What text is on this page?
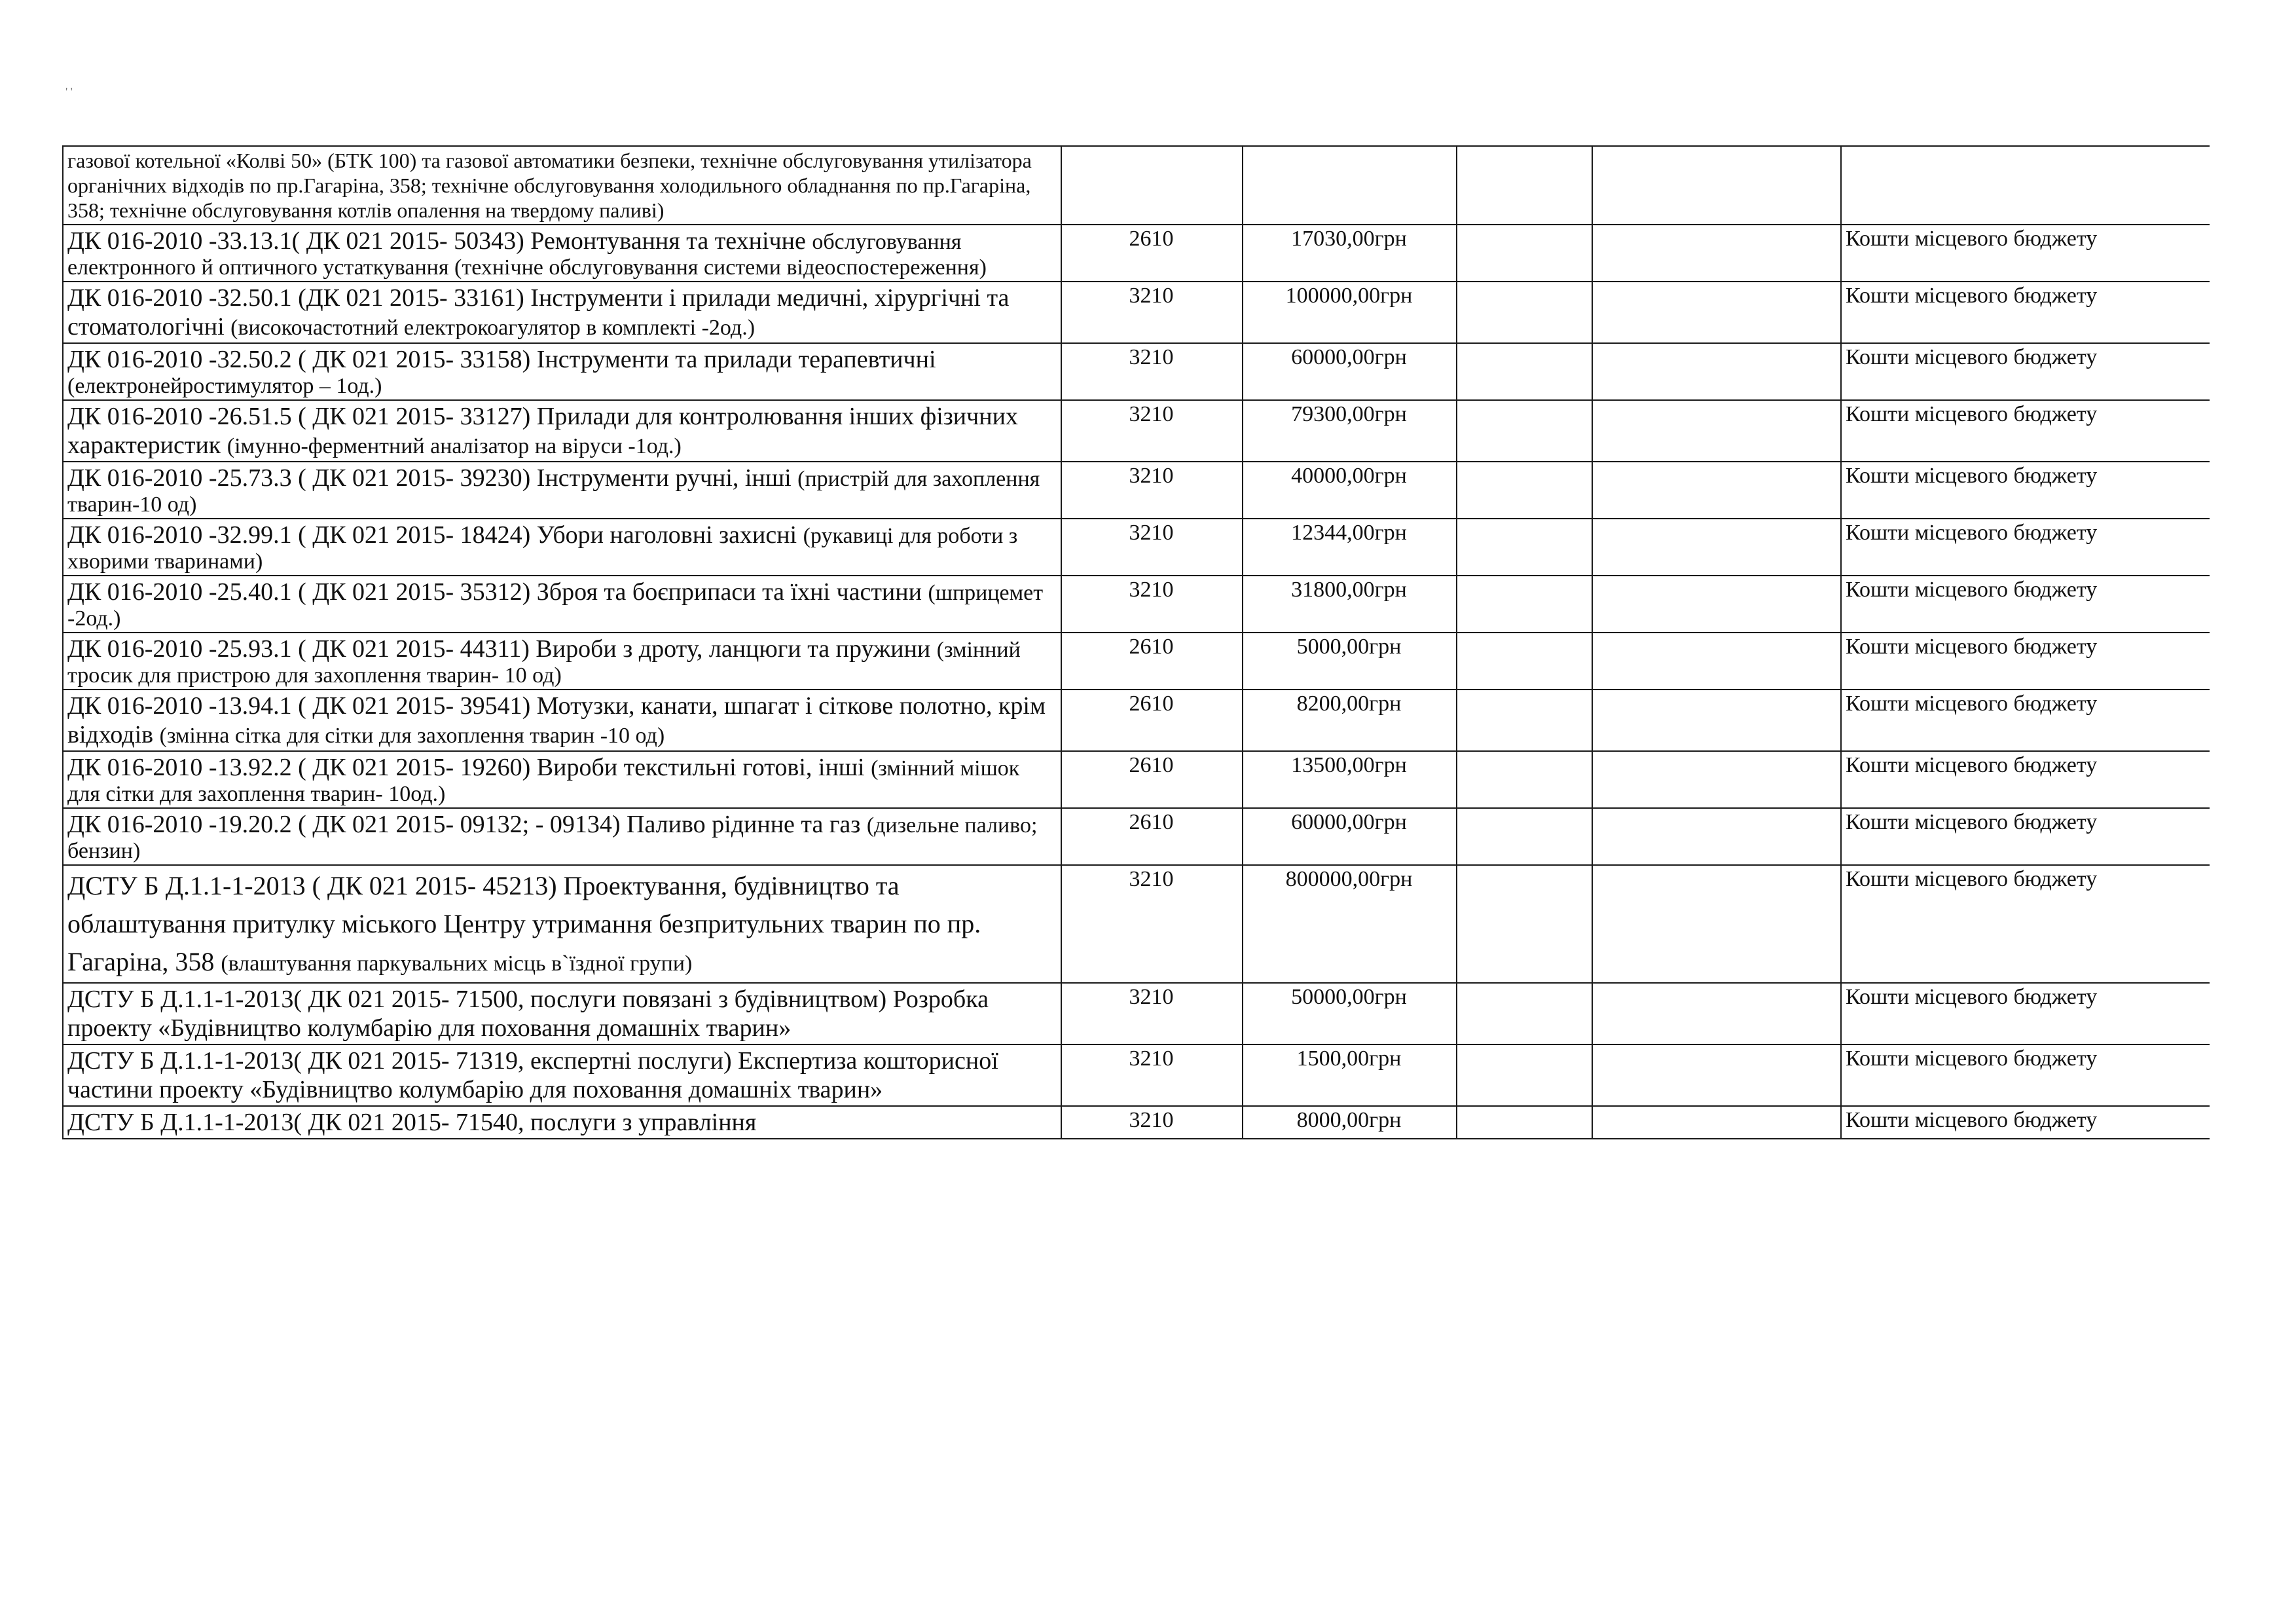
' '
газової котельної «Колві 50» (БТК 100) та газової автоматики безпеки, технічне обслуговування утилізатора органічних відходів по пр.Гагаріна, 358; технічне обслуговування холодильного обладнання по пр.Гагаріна, 358; технічне обслуговування котлів опалення на твердому паливі)					
ДК 016-2010 -33.13.1( ДК 021 2015- 50343) Ремонтування та технічне обслуговування електронного й оптичного устаткування (технічне обслуговування системи відеоспостереження)	2610	17030,00грн			Кошти місцевого бюджету
ДК 016-2010 -32.50.1 (ДК 021 2015- 33161) Інструменти і прилади медичні, хірургічні та стоматологічні (високочастотний електрокоагулятор в комплекті -2од.)	3210	100000,00грн			Кошти місцевого бюджету
ДК 016-2010 -32.50.2 ( ДК 021 2015- 33158) Інструменти та прилади терапевтичні (електронейростимулятор – 1од.)	3210	60000,00грн			Кошти місцевого бюджету
ДК 016-2010 -26.51.5 ( ДК 021 2015- 33127) Прилади для контролювання інших фізичних характеристик (імунно-ферментний аналізатор на віруси -1од.)	3210	79300,00грн			Кошти місцевого бюджету
ДК 016-2010 -25.73.3 ( ДК 021 2015- 39230) Інструменти ручні, інші (пристрій для захоплення тварин-10 од)	3210	40000,00грн			Кошти місцевого бюджету
ДК 016-2010 -32.99.1 ( ДК 021 2015- 18424) Убори наголовні захисні (рукавиці для роботи з хворими тваринами)	3210	12344,00грн			Кошти місцевого бюджету
ДК 016-2010 -25.40.1 ( ДК 021 2015- 35312) Зброя та боєприпаси та їхні частини (шприцемет -2од.)	3210	31800,00грн			Кошти місцевого бюджету
ДК 016-2010 -25.93.1 ( ДК 021 2015- 44311) Вироби з дроту, ланцюги та пружини (змінний тросик для пристрою для захоплення тварин- 10 од)	2610	5000,00грн			Кошти місцевого бюджету
ДК 016-2010 -13.94.1 ( ДК 021 2015- 39541) Мотузки, канати, шпагат і сіткове полотно, крім відходів (змінна сітка для сітки для захоплення тварин -10 од)	2610	8200,00грн			Кошти місцевого бюджету
ДК 016-2010 -13.92.2 ( ДК 021 2015- 19260) Вироби текстильні готові, інші (змінний мішок для сітки для захоплення тварин- 10од.)	2610	13500,00грн			Кошти місцевого бюджету
ДК 016-2010 -19.20.2 ( ДК 021 2015- 09132; - 09134) Паливо рідинне та газ (дизельне паливо; бензин)	2610	60000,00грн			Кошти місцевого бюджету
ДСТУ Б Д.1.1-1-2013 ( ДК 021 2015- 45213) Проектування, будівництво та облаштування притулку міського Центру утримання безпритульних тварин по пр. Гагаріна, 358 (влаштування паркувальних місць в`їздної групи)	3210	800000,00грн			Кошти місцевого бюджету
ДСТУ Б Д.1.1-1-2013( ДК 021 2015- 71500, послуги повязані з будівництвом) Розробка проекту «Будівництво колумбарію для поховання домашніх тварин»	3210	50000,00грн			Кошти місцевого бюджету
ДСТУ Б Д.1.1-1-2013( ДК 021 2015- 71319, експертні послуги) Експертиза кошторисної частини проекту «Будівництво колумбарію для поховання домашніх тварин»	3210	1500,00грн			Кошти місцевого бюджету
ДСТУ Б Д.1.1-1-2013( ДК 021 2015- 71540, послуги з управління	3210	8000,00грн			Кошти місцевого бюджету
